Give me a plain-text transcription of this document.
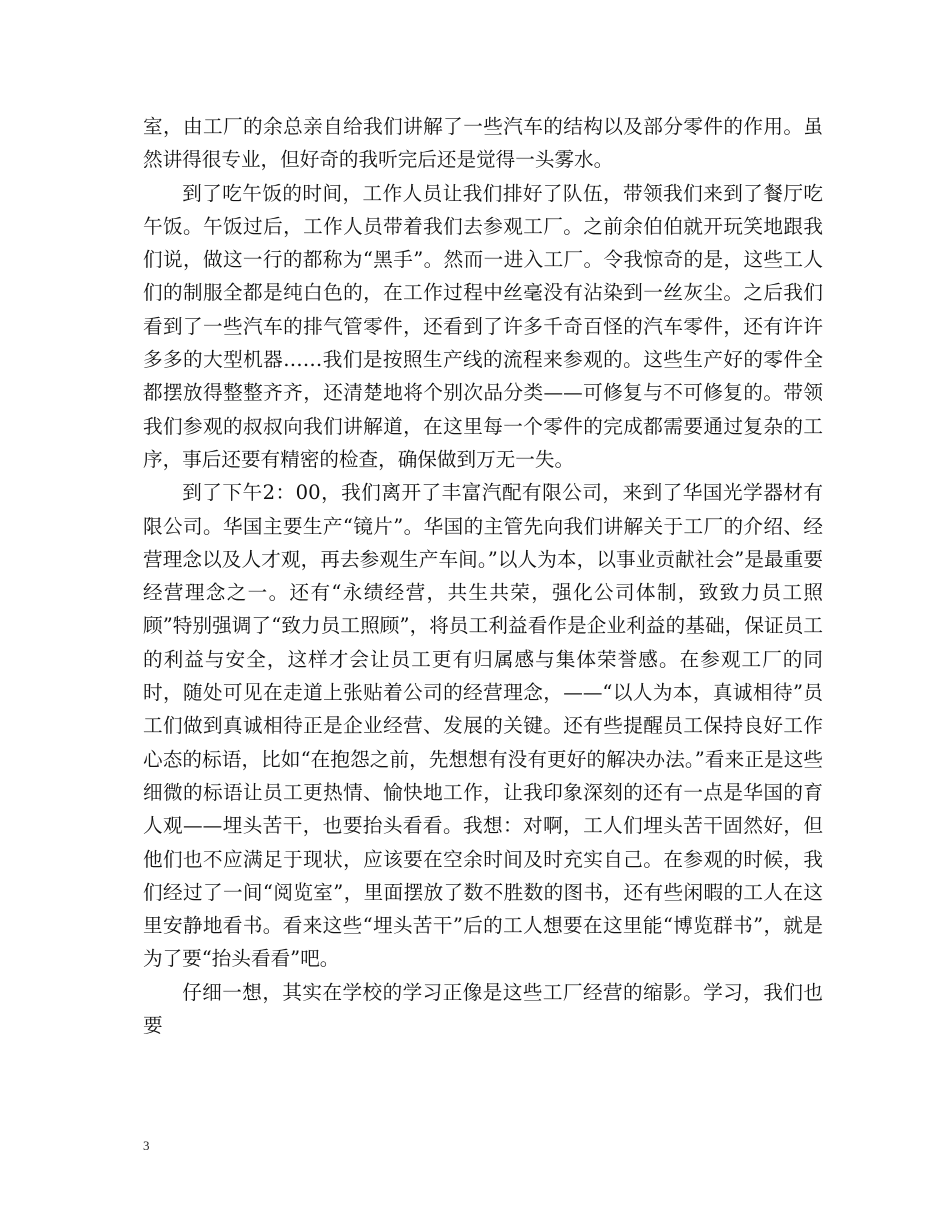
室，由工厂的余总亲自给我们讲解了一些汽车的结构以及部分零件的作用。虽然讲得很专业，但好奇的我听完后还是觉得一头雾水。

到了吃午饭的时间，工作人员让我们排好了队伍，带领我们来到了餐厅吃午饭。午饭过后，工作人员带着我们去参观工厂。之前余伯伯就开玩笑地跟我们说，做这一行的都称为“黑手”。然而一进入工厂。令我惊奇的是，这些工人们的制服全都是纯白色的，在工作过程中丝毫没有沾染到一丝灰尘。之后我们看到了一些汽车的排气管零件，还看到了许多千奇百怪的汽车零件，还有许许多多的大型机器……我们是按照生产线的流程来参观的。这些生产好的零件全都摆放得整整齐齐，还清楚地将个别次品分类——可修复与不可修复的。带领我们参观的叔叔向我们讲解道，在这里每一个零件的完成都需要通过复杂的工序，事后还要有精密的检查，确保做到万无一失。

到了下午2：00，我们离开了丰富汽配有限公司，来到了华国光学器材有限公司。华国主要生产“镜片”。华国的主管先向我们讲解关于工厂的介绍、经营理念以及人才观，再去参观生产车间。”以人为本，以事业贡献社会”是最重要经营理念之一。还有“永绩经营，共生共荣，强化公司体制，致致力员工照顾”特别强调了“致力员工照顾”，将员工利益看作是企业利益的基础，保证员工的利益与安全，这样才会让员工更有归属感与集体荣誉感。在参观工厂的同时，随处可见在走道上张贴着公司的经营理念，——“以人为本，真诚相待”员工们做到真诚相待正是企业经营、发展的关键。还有些提醒员工保持良好工作心态的标语，比如“在抱怨之前，先想想有没有更好的解决办法。”看来正是这些细微的标语让员工更热情、愉快地工作，让我印象深刻的还有一点是华国的育人观——埋头苦干，也要抬头看看。我想：对啊，工人们埋头苦干固然好，但他们也不应满足于现状，应该要在空余时间及时充实自己。在参观的时候，我们经过了一间“阅览室”，里面摆放了数不胜数的图书，还有些闲暇的工人在这里安静地看书。看来这些“埋头苦干”后的工人想要在这里能“博览群书”，就是为了要“抬头看看”吧。

仔细一想，其实在学校的学习正像是这些工厂经营的缩影。学习，我们也要

3
